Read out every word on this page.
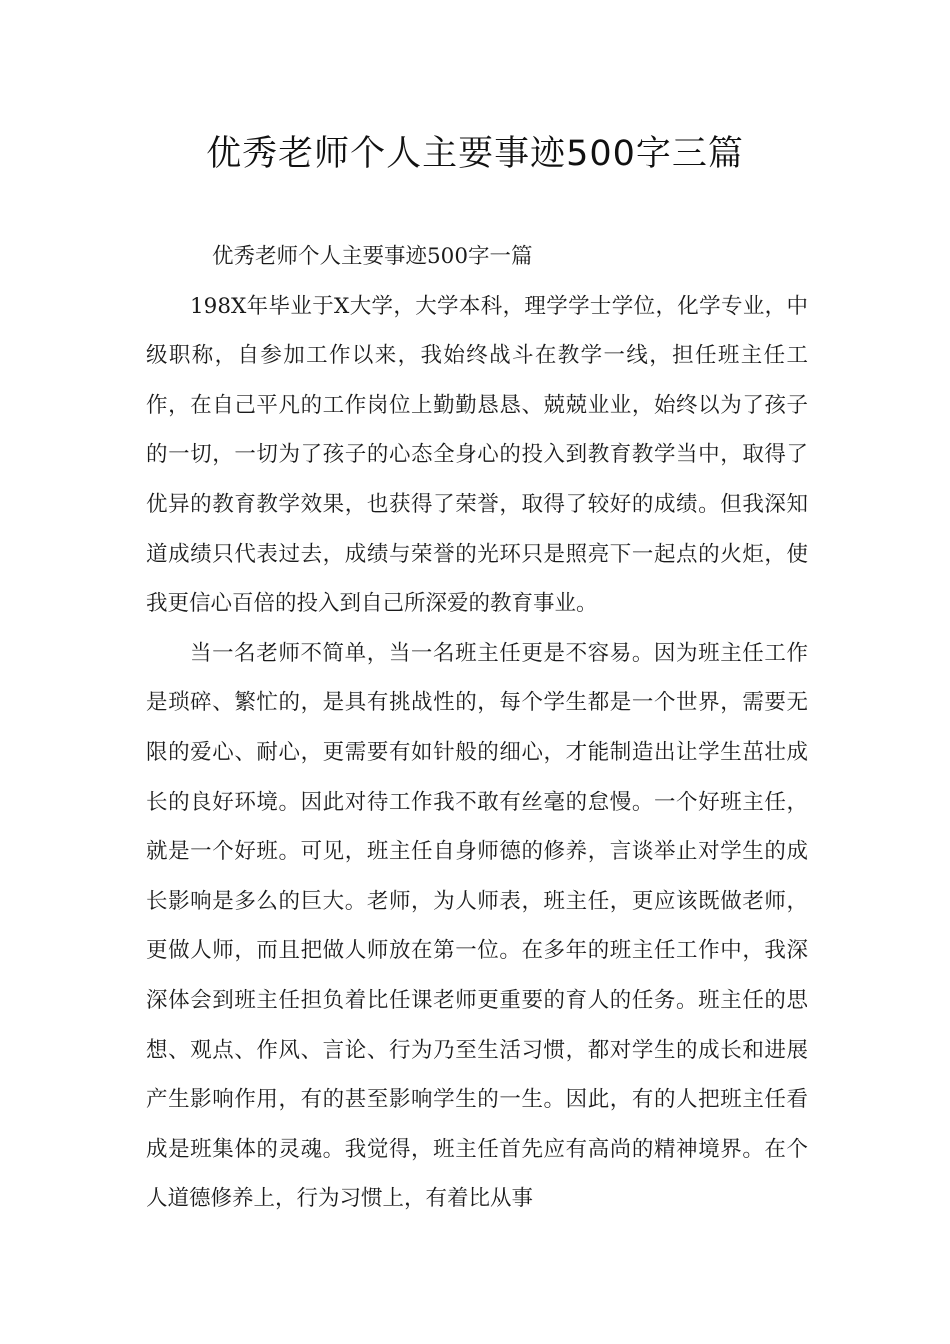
优秀老师个人主要事迹500字三篇

优秀老师个人主要事迹500字一篇

198X年毕业于X大学，大学本科，理学学士学位，化学专业，中级职称，自参加工作以来，我始终战斗在教学一线，担任班主任工作，在自己平凡的工作岗位上勤勤恳恳、兢兢业业，始终以为了孩子的一切，一切为了孩子的心态全身心的投入到教育教学当中，取得了优异的教育教学效果，也获得了荣誉，取得了较好的成绩。但我深知道成绩只代表过去，成绩与荣誉的光环只是照亮下一起点的火炬，使我更信心百倍的投入到自己所深爱的教育事业。

当一名老师不简单，当一名班主任更是不容易。因为班主任工作是琐碎、繁忙的，是具有挑战性的，每个学生都是一个世界，需要无限的爱心、耐心，更需要有如针般的细心，才能制造出让学生茁壮成长的良好环境。因此对待工作我不敢有丝毫的怠慢。一个好班主任，就是一个好班。可见，班主任自身师德的修养，言谈举止对学生的成长影响是多么的巨大。老师，为人师表，班主任，更应该既做老师，更做人师，而且把做人师放在第一位。在多年的班主任工作中，我深深体会到班主任担负着比任课老师更重要的育人的任务。班主任的思想、观点、作风、言论、行为乃至生活习惯，都对学生的成长和进展产生影响作用，有的甚至影响学生的一生。因此，有的人把班主任看成是班集体的灵魂。我觉得，班主任首先应有高尚的精神境界。在个人道德修养上，行为习惯上，有着比从事
